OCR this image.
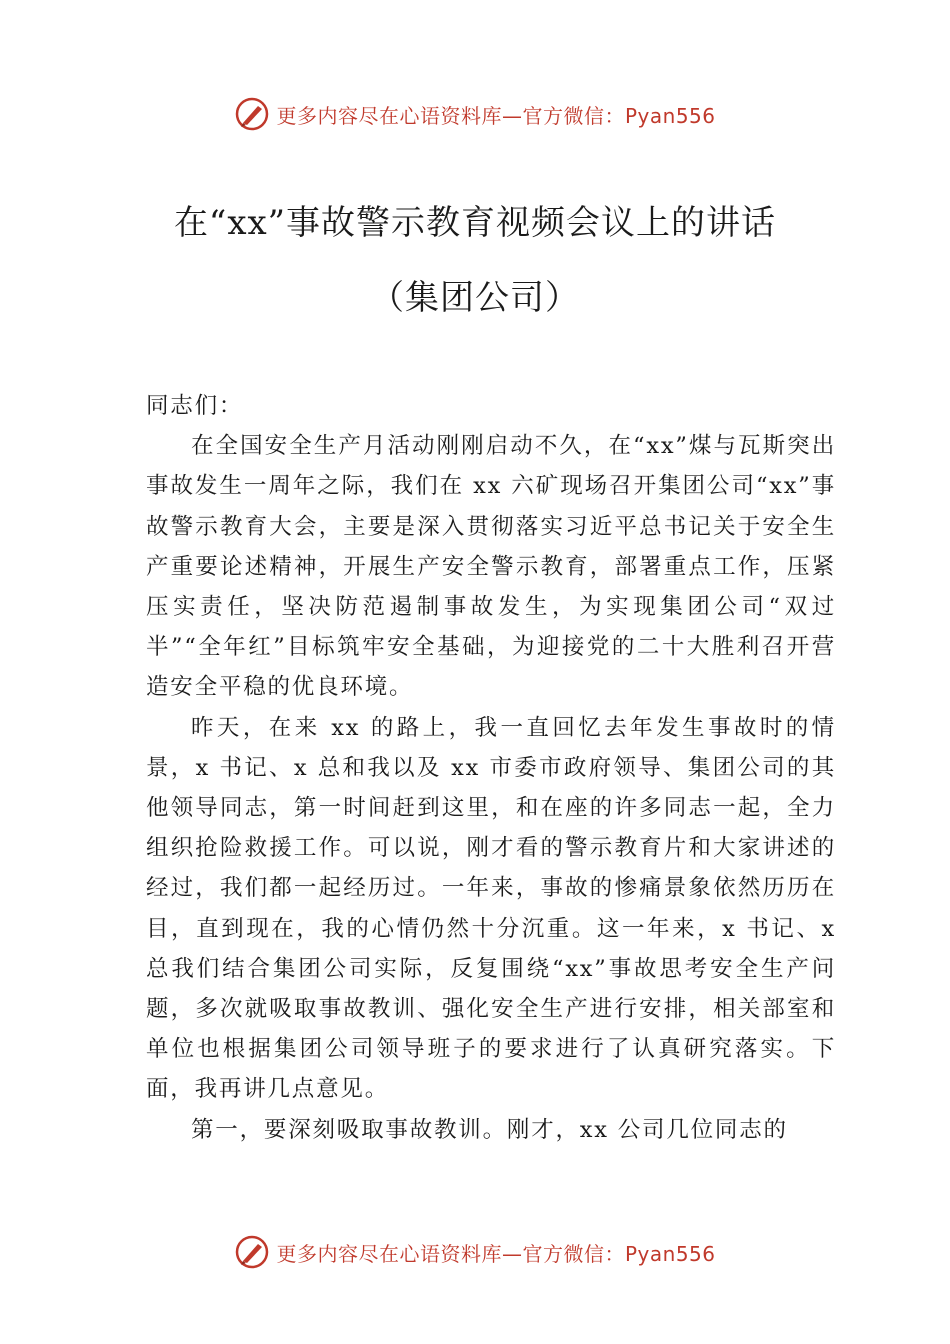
更多内容尽在心语资料库—官方微信：Pyan556
在“xx”事故警示教育视频会议上的讲话
（集团公司）

同志们：

在全国安全生产月活动刚刚启动不久，在“xx”煤与瓦斯突出事故发生一周年之际，我们在 xx 六矿现场召开集团公司“xx”事故警示教育大会，主要是深入贯彻落实习近平总书记关于安全生产重要论述精神，开展生产安全警示教育，部署重点工作，压紧压实责任，坚决防范遏制事故发生，为实现集团公司“双过半”“全年红”目标筑牢安全基础，为迎接党的二十大胜利召开营造安全平稳的优良环境。

昨天，在来 xx 的路上，我一直回忆去年发生事故时的情景，x 书记、x 总和我以及 xx 市委市政府领导、集团公司的其他领导同志，第一时间赶到这里，和在座的许多同志一起，全力组织抢险救援工作。可以说，刚才看的警示教育片和大家讲述的经过，我们都一起经历过。一年来，事故的惨痛景象依然历历在目，直到现在，我的心情仍然十分沉重。这一年来，x 书记、x 总我们结合集团公司实际，反复围绕“xx”事故思考安全生产问题，多次就吸取事故教训、强化安全生产进行安排，相关部室和单位也根据集团公司领导班子的要求进行了认真研究落实。下面，我再讲几点意见。

第一，要深刻吸取事故教训。刚才，xx 公司几位同志的

更多内容尽在心语资料库—官方微信：Pyan556
